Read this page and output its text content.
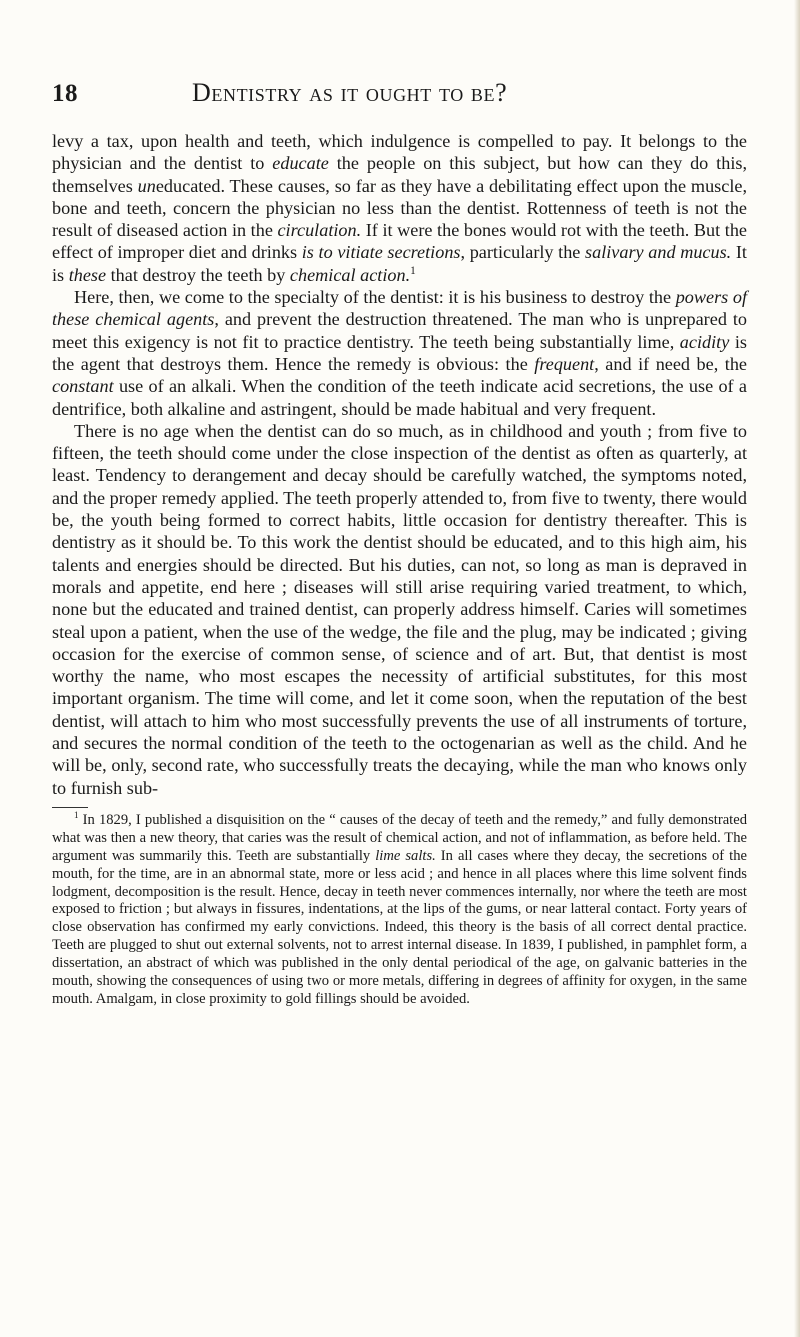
18	Dentistry as it ought to be?

levy a tax, upon health and teeth, which indulgence is compelled to pay. It belongs to the physician and the dentist to educate the people on this subject, but how can they do this, themselves uneducated. These causes, so far as they have a debilitating effect upon the muscle, bone and teeth, concern the physician no less than the dentist. Rottenness of teeth is not the result of diseased action in the circulation. If it were the bones would rot with the teeth. But the effect of improper diet and drinks is to vitiate secretions, particularly the salivary and mucus. It is these that destroy the teeth by chemical action.$^1$

Here, then, we come to the specialty of the dentist: it is his business to destroy the powers of these chemical agents, and prevent the destruction threatened. The man who is unprepared to meet this exigency is not fit to practice dentistry. The teeth being substantially lime, acidity is the agent that destroys them. Hence the remedy is obvious: the frequent, and if need be, the constant use of an alkali. When the condition of the teeth indicate acid secretions, the use of a dentrifice, both alkaline and astringent, should be made habitual and very frequent.

There is no age when the dentist can do so much, as in childhood and youth ; from five to fifteen, the teeth should come under the close inspection of the dentist as often as quarterly, at least. Tendency to derangement and decay should be carefully watched, the symptoms noted, and the proper remedy applied. The teeth properly attended to, from five to twenty, there would be, the youth being formed to correct habits, little occasion for dentistry thereafter. This is dentistry as it should be. To this work the dentist should be educated, and to this high aim, his talents and energies should be directed. But his duties, can not, so long as man is depraved in morals and appetite, end here ; diseases will still arise requiring varied treatment, to which, none but the educated and trained dentist, can properly address himself. Caries will sometimes steal upon a patient, when the use of the wedge, the file and the plug, may be indicated ; giving occasion for the exercise of common sense, of science and of art. But, that dentist is most worthy the name, who most escapes the necessity of artificial substitutes, for this most important organism. The time will come, and let it come soon, when the reputation of the best dentist, will attach to him who most successfully prevents the use of all instruments of torture, and secures the normal condition of the teeth to the octogenarian as well as the child. And he will be, only, second rate, who successfully treats the decaying, while the man who knows only to furnish sub-

$^1$ In 1829, I published a disquisition on the “ causes of the decay of teeth and the remedy,” and fully demonstrated what was then a new theory, that caries was the result of chemical action, and not of inflammation, as before held. The argument was summarily this. Teeth are substantially lime salts. In all cases where they decay, the secretions of the mouth, for the time, are in an abnormal state, more or less acid ; and hence in all places where this lime solvent finds lodgment, decomposition is the result. Hence, decay in teeth never commences internally, nor where the teeth are most exposed to friction ; but always in fissures, indentations, at the lips of the gums, or near latteral contact. Forty years of close observation has confirmed my early convictions. Indeed, this theory is the basis of all correct dental practice. Teeth are plugged to shut out external solvents, not to arrest internal disease. In 1839, I published, in pamphlet form, a dissertation, an abstract of which was published in the only dental periodical of the age, on galvanic batteries in the mouth, showing the consequences of using two or more metals, differing in degrees of affinity for oxygen, in the same mouth. Amalgam, in close proximity to gold fillings should be avoided.
